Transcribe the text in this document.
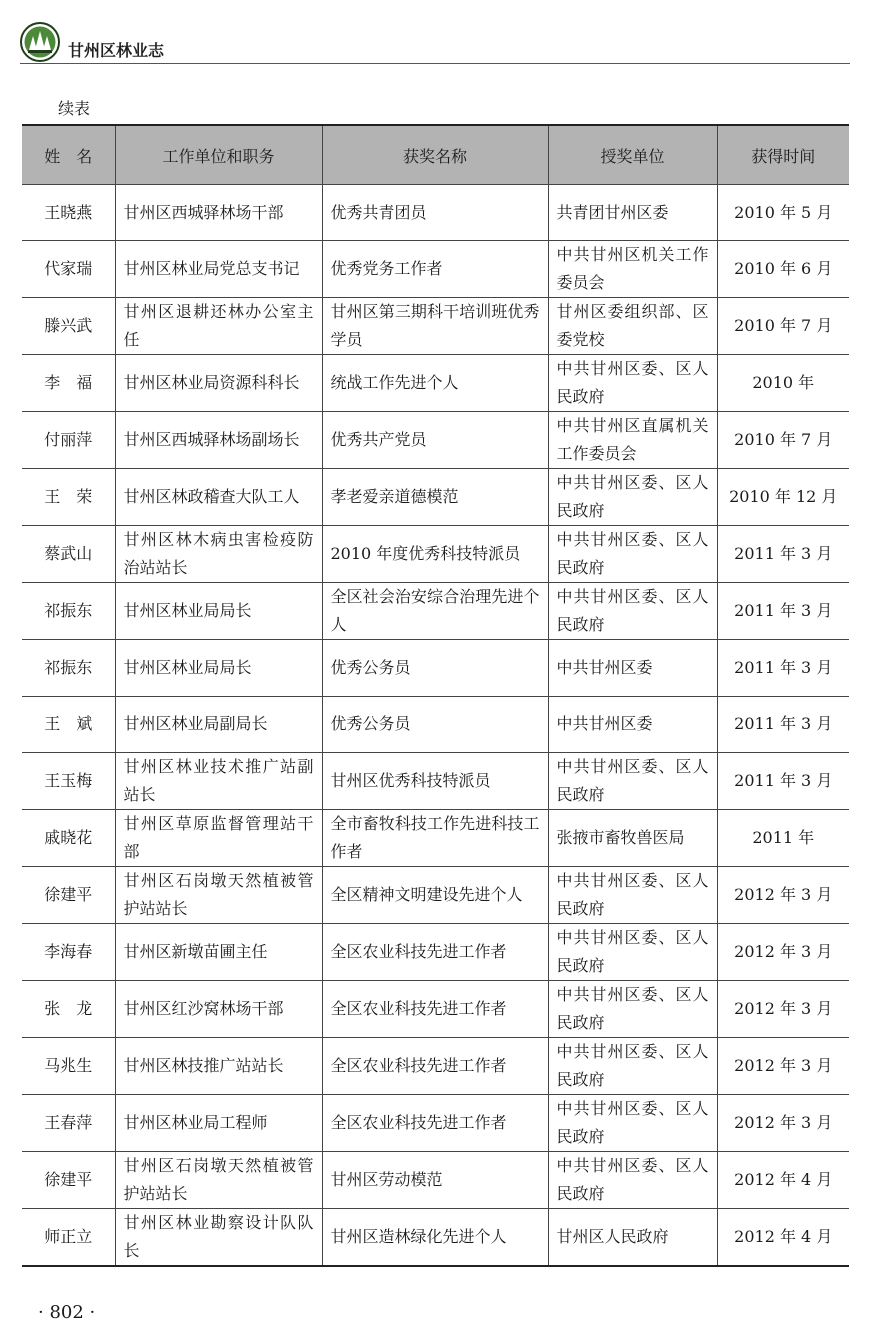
甘州区林业志
续表
姓　名	工作单位和职务	获奖名称	授奖单位	获得时间
王晓燕	甘州区西城驿林场干部	优秀共青团员	共青团甘州区委	2010 年 5 月
代家瑞	甘州区林业局党总支书记	优秀党务工作者	中共甘州区机关工作委员会	2010 年 6 月
滕兴武	甘州区退耕还林办公室主任	甘州区第三期科干培训班优秀学员	甘州区委组织部、区委党校	2010 年 7 月
李　福	甘州区林业局资源科科长	统战工作先进个人	中共甘州区委、区人民政府	2010 年
付丽萍	甘州区西城驿林场副场长	优秀共产党员	中共甘州区直属机关工作委员会	2010 年 7 月
王　荣	甘州区林政稽查大队工人	孝老爱亲道德模范	中共甘州区委、区人民政府	2010 年 12 月
蔡武山	甘州区林木病虫害检疫防治站站长	2010 年度优秀科技特派员	中共甘州区委、区人民政府	2011 年 3 月
祁振东	甘州区林业局局长	全区社会治安综合治理先进个人	中共甘州区委、区人民政府	2011 年 3 月
祁振东	甘州区林业局局长	优秀公务员	中共甘州区委	2011 年 3 月
王　斌	甘州区林业局副局长	优秀公务员	中共甘州区委	2011 年 3 月
王玉梅	甘州区林业技术推广站副站长	甘州区优秀科技特派员	中共甘州区委、区人民政府	2011 年 3 月
戚晓花	甘州区草原监督管理站干部	全市畜牧科技工作先进科技工作者	张掖市畜牧兽医局	2011 年
徐建平	甘州区石岗墩天然植被管护站站长	全区精神文明建设先进个人	中共甘州区委、区人民政府	2012 年 3 月
李海春	甘州区新墩苗圃主任	全区农业科技先进工作者	中共甘州区委、区人民政府	2012 年 3 月
张　龙	甘州区红沙窝林场干部	全区农业科技先进工作者	中共甘州区委、区人民政府	2012 年 3 月
马兆生	甘州区林技推广站站长	全区农业科技先进工作者	中共甘州区委、区人民政府	2012 年 3 月
王春萍	甘州区林业局工程师	全区农业科技先进工作者	中共甘州区委、区人民政府	2012 年 3 月
徐建平	甘州区石岗墩天然植被管护站站长	甘州区劳动模范	中共甘州区委、区人民政府	2012 年 4 月
师正立	甘州区林业勘察设计队队长	甘州区造林绿化先进个人	甘州区人民政府	2012 年 4 月
· 802 ·
